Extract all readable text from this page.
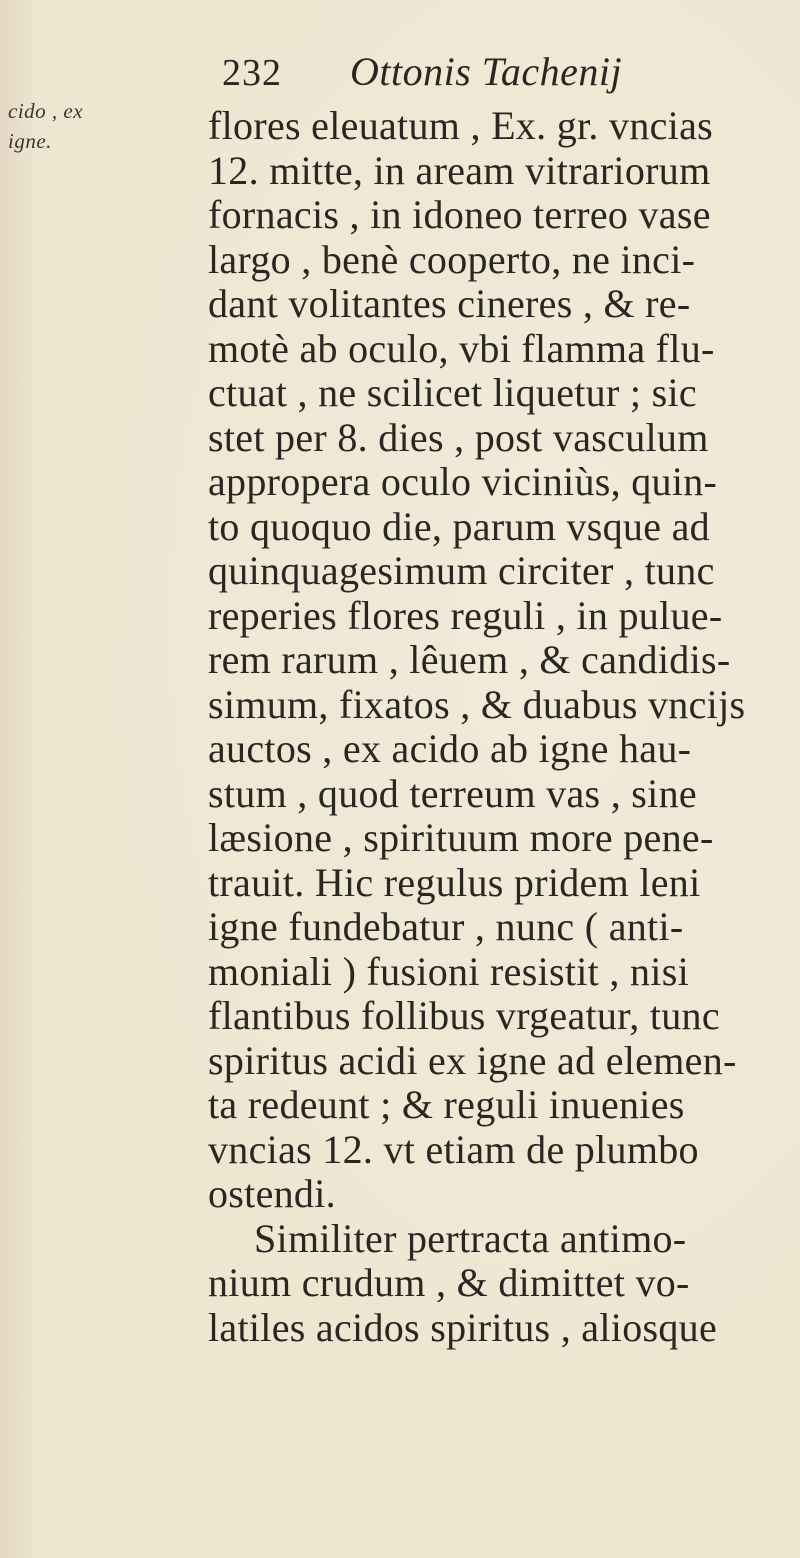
cido , ex
igne.
232 Ottonis Tachenij
flores eleuatum , Ex. gr. vncias
12. mitte, in aream vitrariorum
fornacis , in idoneo terreo vase
largo , benè cooperto, ne inci-
dant volitantes cineres , & re-
motè ab oculo, vbi flamma flu-
ctuat , ne scilicet liquetur ; sic
stet per 8. dies , post vasculum
appropera oculo viciniùs, quin-
to quoquo die, parum vsque ad
quinquagesimum circiter , tunc
reperies flores reguli , in pulue-
rem rarum , lêuem , & candidis-
simum, fixatos , & duabus vncijs
auctos , ex acido ab igne hau-
stum , quod terreum vas , sine
læsione , spirituum more pene-
trauit. Hic regulus pridem leni
igne fundebatur , nunc ( anti-
moniali ) fusioni resistit , nisi
flantibus follibus vrgeatur, tunc
spiritus acidi ex igne ad elemen-
ta redeunt ; & reguli inuenies
vncias 12. vt etiam de plumbo
ostendi.
Similiter pertracta antimo-
nium crudum , & dimittet vo-
latiles acidos spiritus , aliosque
